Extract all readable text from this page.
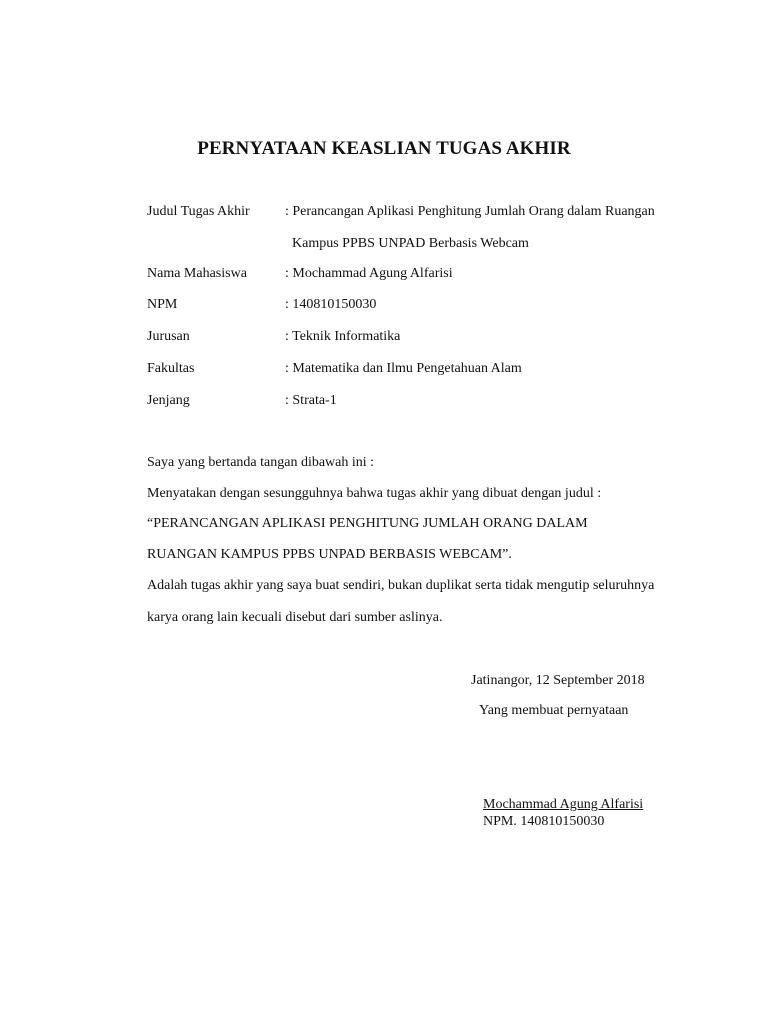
PERNYATAAN KEASLIAN TUGAS AKHIR
Judul Tugas Akhir	: Perancangan Aplikasi Penghitung Jumlah Orang dalam Ruangan
Kampus PPBS UNPAD Berbasis Webcam
Nama Mahasiswa	: Mochammad Agung Alfarisi
NPM	: 140810150030
Jurusan	: Teknik Informatika
Fakultas	: Matematika dan Ilmu Pengetahuan Alam
Jenjang	: Strata-1
Saya yang bertanda tangan dibawah ini :
Menyatakan dengan sesungguhnya bahwa tugas akhir yang dibuat dengan judul :
“PERANCANGAN APLIKASI PENGHITUNG JUMLAH ORANG DALAM
RUANGAN KAMPUS PPBS UNPAD BERBASIS WEBCAM”.
Adalah tugas akhir yang saya buat sendiri, bukan duplikat serta tidak mengutip seluruhnya
karya orang lain kecuali disebut dari sumber aslinya.
Jatinangor, 12 September 2018
Yang membuat pernyataan
Mochammad Agung Alfarisi
NPM. 140810150030
